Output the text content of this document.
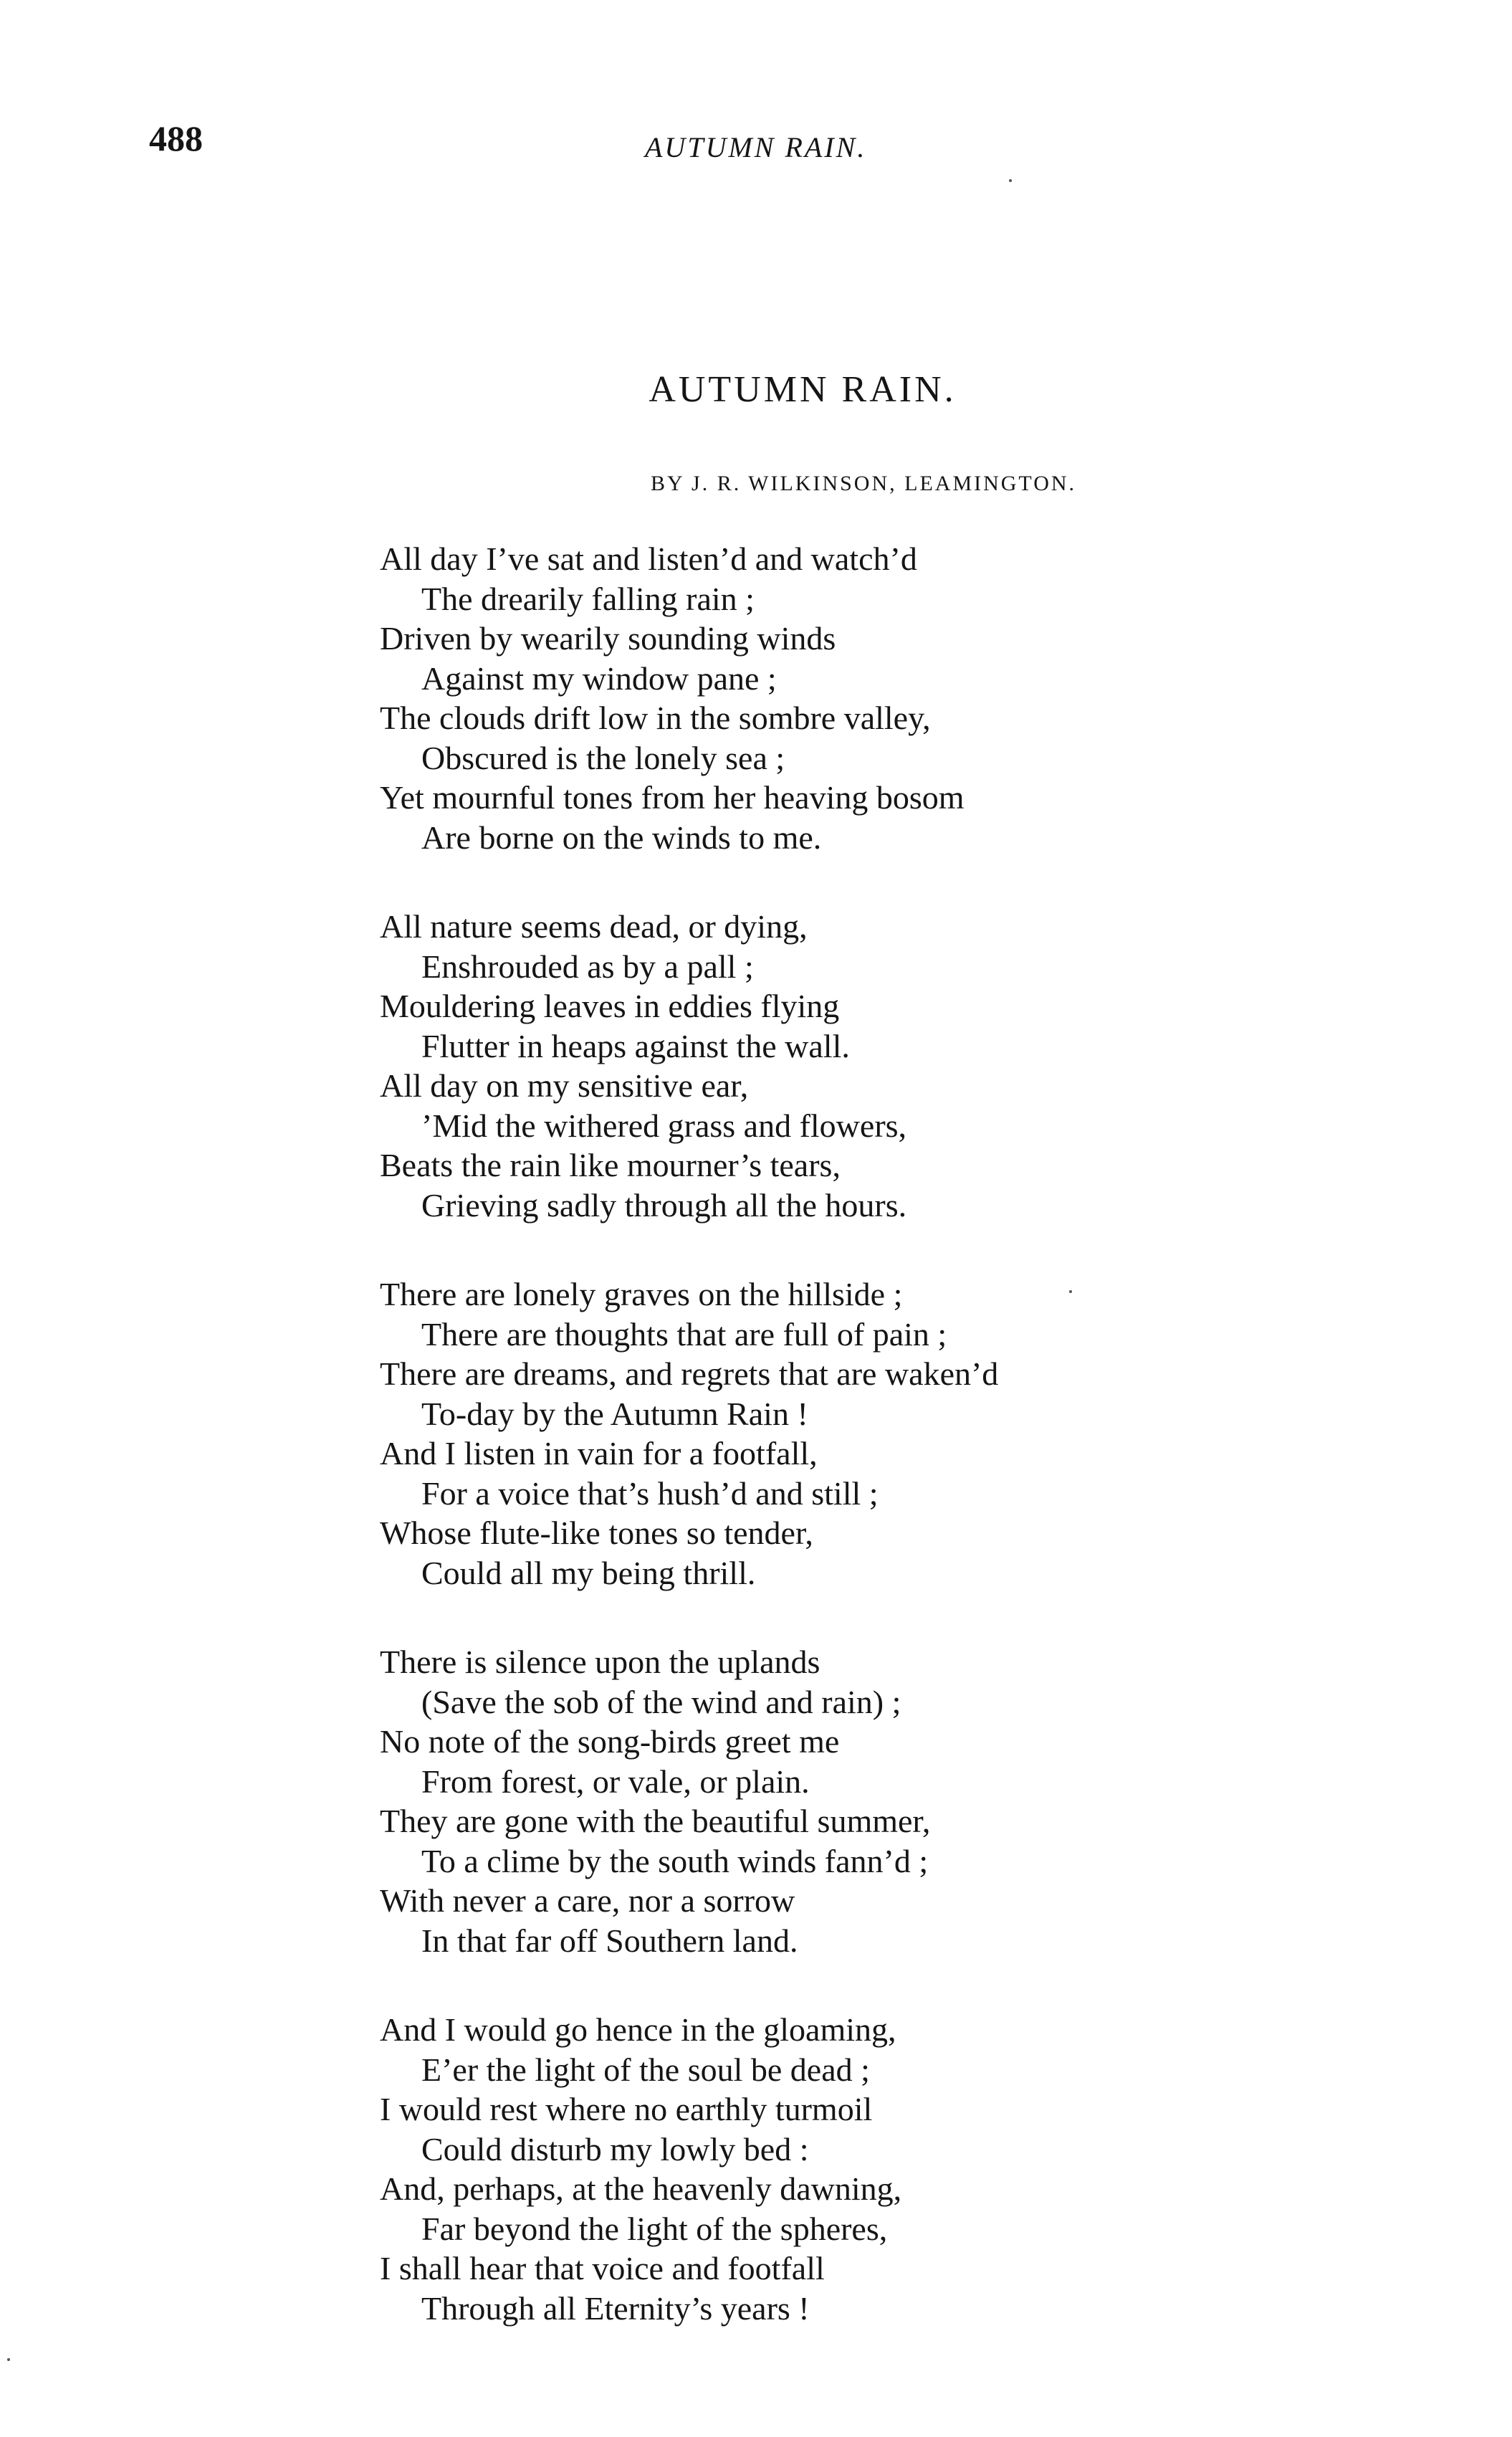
488	AUTUMN RAIN.
AUTUMN RAIN.
BY J. R. WILKINSON, LEAMINGTON.
All day I’ve sat and listen’d and watch’d
The drearily falling rain ;
Driven by wearily sounding winds
Against my window pane ;
The clouds drift low in the sombre valley,
Obscured is the lonely sea ;
Yet mournful tones from her heaving bosom
Are borne on the winds to me.
All nature seems dead, or dying,
Enshrouded as by a pall ;
Mouldering leaves in eddies flying
Flutter in heaps against the wall.
All day on my sensitive ear,
’Mid the withered grass and flowers,
Beats the rain like mourner’s tears,
Grieving sadly through all the hours.
There are lonely graves on the hillside ;
There are thoughts that are full of pain ;
There are dreams, and regrets that are waken’d
To-day by the Autumn Rain !
And I listen in vain for a footfall,
For a voice that’s hush’d and still ;
Whose flute-like tones so tender,
Could all my being thrill.
There is silence upon the uplands
(Save the sob of the wind and rain) ;
No note of the song-birds greet me
From forest, or vale, or plain.
They are gone with the beautiful summer,
To a clime by the south winds fann’d ;
With never a care, nor a sorrow
In that far off Southern land.
And I would go hence in the gloaming,
E’er the light of the soul be dead ;
I would rest where no earthly turmoil
Could disturb my lowly bed :
And, perhaps, at the heavenly dawning,
Far beyond the light of the spheres,
I shall hear that voice and footfall
Through all Eternity’s years !
